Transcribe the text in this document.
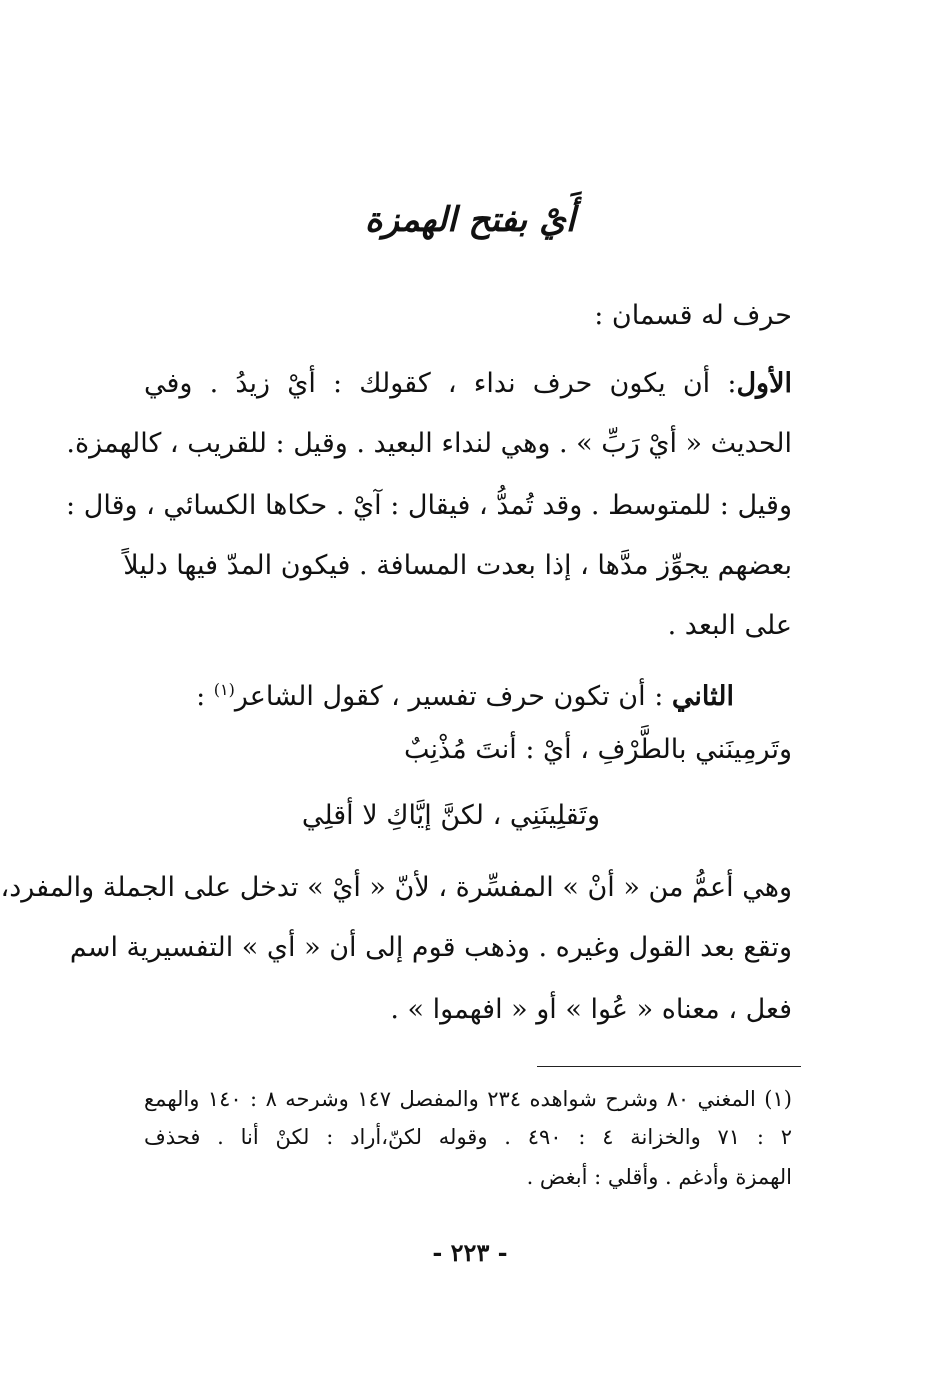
أَيْ بفتح الهمزة
حرف له قسمان :
الأول: أن يكون حرف نداء ، كقولك : أيْ زيدُ . وفي
الحديث « أيْ رَبِّ » . وهي لنداء البعيد . وقيل : للقريب ، كالهمزة.
وقيل : للمتوسط . وقد تُمدُّ ، فيقال : آيْ . حكاها الكسائي ، وقال :
بعضهم يجوِّز مدَّها ، إذا بعدت المسافة . فيكون المدّ فيها دليلاً
على البعد .
الثاني : أن تكون حرف تفسير ، كقول الشاعر$^{(١)}$ :
وتَرمِينَني بالطَّرْفِ ، أيْ : أنتَ مُذْنِبٌ
وتَقلِينَنِي ، لكنَّ إيَّاكِ لا أقلِي
وهي أعمُّ من « أنْ » المفسِّرة ، لأنّ « أيْ » تدخل على الجملة والمفرد،
وتقع بعد القول وغيره . وذهب قوم إلى أن « أي » التفسيرية اسم
فعل ، معناه « عُوا » أو « افهموا » .
(١) المغني ٨٠ وشرح شواهده ٢٣٤ والمفصل ١٤٧ وشرحه ٨ : ١٤٠ والهمع
٢ : ٧١ والخزانة ٤ : ٤٩٠ . وقوله لكنّ،أراد : لكنْ أنا . فحذف
الهمزة وأدغم . وأقلي : أبغض .
- ٢٢٣ -
